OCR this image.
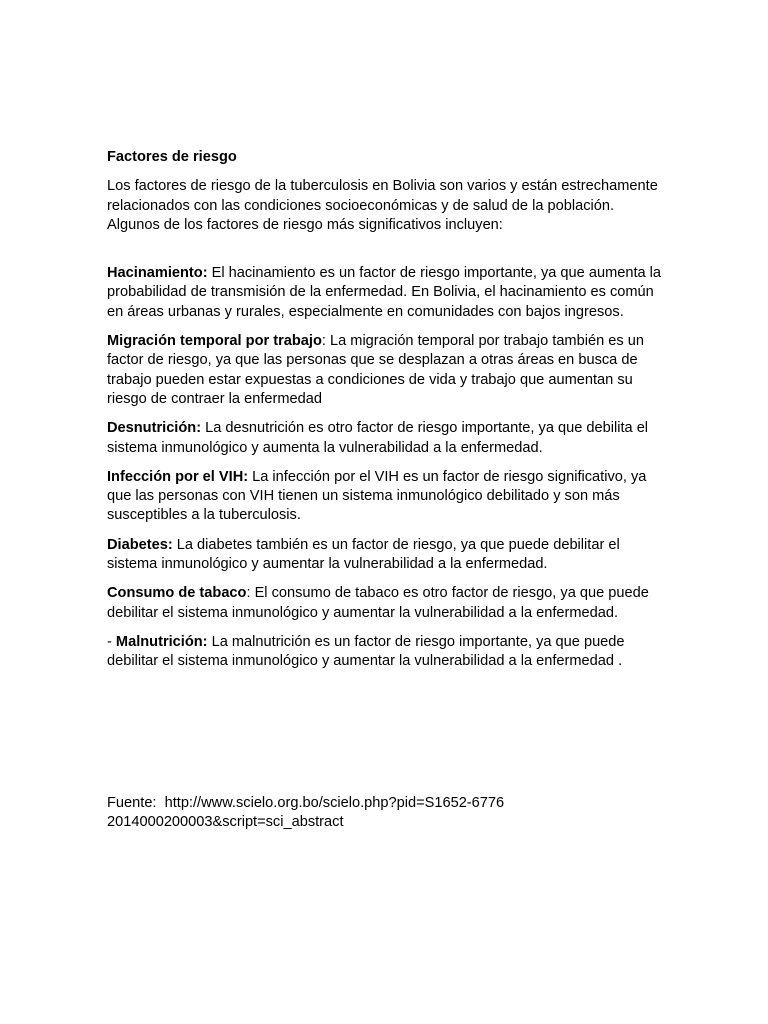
Factores de riesgo

Los factores de riesgo de la tuberculosis en Bolivia son varios y están estrechamente relacionados con las condiciones socioeconómicas y de salud de la población. Algunos de los factores de riesgo más significativos incluyen:

Hacinamiento: El hacinamiento es un factor de riesgo importante, ya que aumenta la probabilidad de transmisión de la enfermedad. En Bolivia, el hacinamiento es común en áreas urbanas y rurales, especialmente en comunidades con bajos ingresos.

Migración temporal por trabajo: La migración temporal por trabajo también es un factor de riesgo, ya que las personas que se desplazan a otras áreas en busca de trabajo pueden estar expuestas a condiciones de vida y trabajo que aumentan su riesgo de contraer la enfermedad

Desnutrición: La desnutrición es otro factor de riesgo importante, ya que debilita el sistema inmunológico y aumenta la vulnerabilidad a la enfermedad.

Infección por el VIH: La infección por el VIH es un factor de riesgo significativo, ya que las personas con VIH tienen un sistema inmunológico debilitado y son más susceptibles a la tuberculosis.

Diabetes: La diabetes también es un factor de riesgo, ya que puede debilitar el sistema inmunológico y aumentar la vulnerabilidad a la enfermedad.

Consumo de tabaco: El consumo de tabaco es otro factor de riesgo, ya que puede debilitar el sistema inmunológico y aumentar la vulnerabilidad a la enfermedad.

- Malnutrición: La malnutrición es un factor de riesgo importante, ya que puede debilitar el sistema inmunológico y aumentar la vulnerabilidad a la enfermedad .

Fuente: http://www.scielo.org.bo/scielo.php?pid=S1652-67762014000200003&script=sci_abstract
